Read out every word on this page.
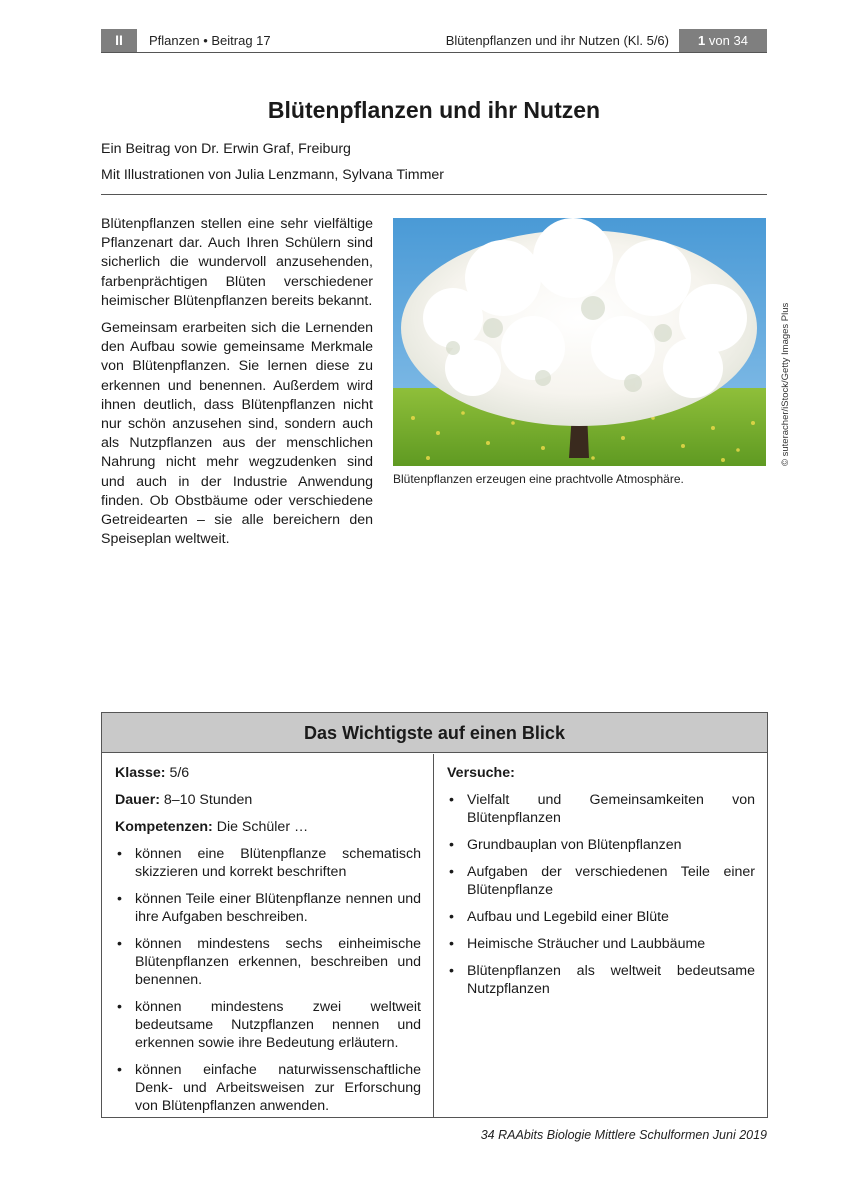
II	Pflanzen • Beitrag 17	Blütenpflanzen und ihr Nutzen (Kl. 5/6)	1 von 34
Blütenpflanzen und ihr Nutzen
Ein Beitrag von Dr. Erwin Graf, Freiburg
Mit Illustrationen von Julia Lenzmann, Sylvana Timmer

Blütenpflanzen stellen eine sehr vielfältige Pflanzenart dar. Auch Ihren Schülern sind sicherlich die wundervoll anzusehenden, farbenprächtigen Blüten verschiedener heimischer Blütenpflanzen bereits bekannt.

Gemeinsam erarbeiten sich die Lernenden den Aufbau sowie gemeinsame Merkmale von Blütenpflanzen. Sie lernen diese zu erkennen und benennen. Außerdem wird ihnen deutlich, dass Blütenpflanzen nicht nur schön anzusehen sind, sondern auch als Nutzpflanzen aus der menschlichen Nahrung nicht mehr wegzudenken sind und auch in der Industrie Anwendung finden. Ob Obstbäume oder verschiedene Getreidearten – sie alle bereichern den Speiseplan weltweit.

© suteracher/iStock/Getty Images Plus
Blütenpflanzen erzeugen eine prachtvolle Atmosphäre.
Das Wichtigste auf einen Blick
Klasse: 5/6
Dauer: 8–10 Stunden
Kompetenzen: Die Schüler …
• können eine Blütenpflanze schematisch skizzieren und korrekt beschriften
• können Teile einer Blütenpflanze nennen und ihre Aufgaben beschreiben.
• können mindestens sechs einheimische Blütenpflanzen erkennen, beschreiben und benennen.
• können mindestens zwei weltweit bedeutsame Nutzpflanzen nennen und erkennen sowie ihre Bedeutung erläutern.
• können einfache naturwissenschaftliche Denk- und Arbeitsweisen zur Erforschung von Blütenpflanzen anwenden.
Versuche:
• Vielfalt und Gemeinsamkeiten von Blütenpflanzen
• Grundbauplan von Blütenpflanzen
• Aufgaben der verschiedenen Teile einer Blütenpflanze
• Aufbau und Legebild einer Blüte
• Heimische Sträucher und Laubbäume
• Blütenpflanzen als weltweit bedeutsame Nutzpflanzen
34 RAAbits Biologie Mittlere Schulformen Juni 2019
